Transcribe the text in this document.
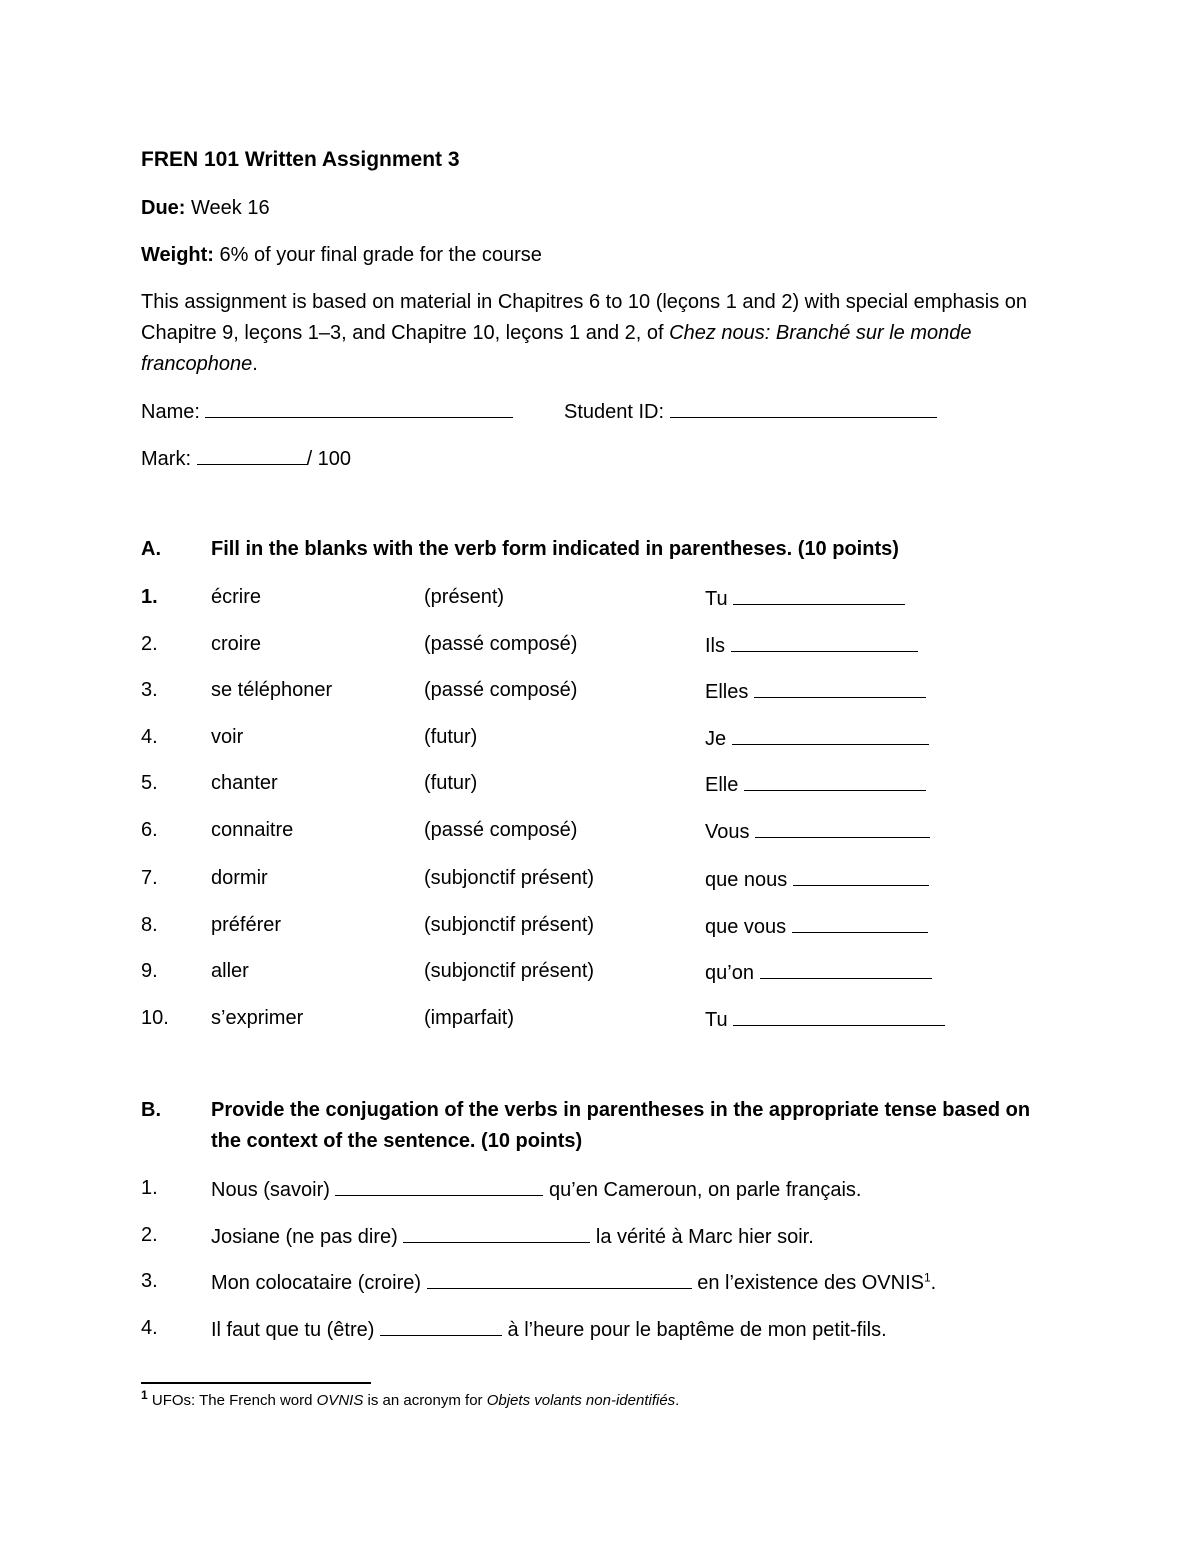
FREN 101 Written Assignment 3
Due: Week 16
Weight: 6% of your final grade for the course
This assignment is based on material in Chapitres 6 to 10 (leçons 1 and 2) with special emphasis on Chapitre 9, leçons 1–3, and Chapitre 10, leçons 1 and 2, of Chez nous: Branché sur le monde francophone.
Name:	Student ID:
Mark:	/ 100
A.	Fill in the blanks with the verb form indicated in parentheses. (10 points)
1.	écrire	(présent)	Tu
2.	croire	(passé composé)	Ils
3.	se téléphoner	(passé composé)	Elles
4.	voir	(futur)	Je
5.	chanter	(futur)	Elle
6.	connaitre	(passé composé)	Vous
7.	dormir	(subjonctif présent)	que nous
8.	préférer	(subjonctif présent)	que vous
9.	aller	(subjonctif présent)	qu’on
10. s’exprimer	(imparfait)	Tu
B.	Provide the conjugation of the verbs in parentheses in the appropriate tense based on
the context of the sentence. (10 points)
1.	Nous (savoir)	qu’en Cameroun, on parle français.
2.	Josiane (ne pas dire)	la vérité à Marc hier soir.
3.	Mon colocataire (croire)	en l’existence des OVNIS$^1$.
4.	Il faut que tu (être)	à l’heure pour le baptême de mon petit-fils.
$^1$ UFOs: The French word OVNIS is an acronym for Objets volants non-identifiés.
